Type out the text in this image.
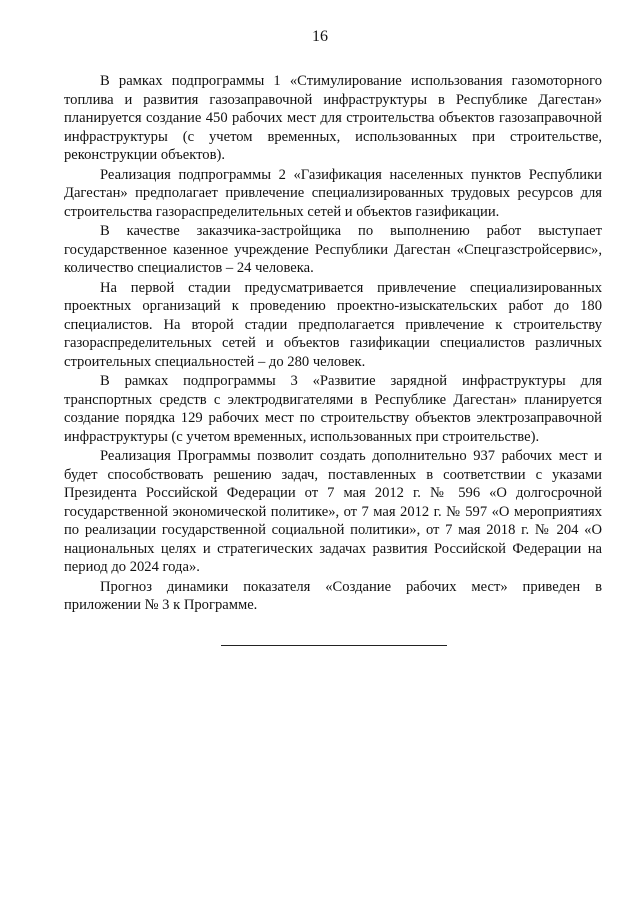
16

В рамках подпрограммы 1 «Стимулирование использования газомоторного топлива и развития газозаправочной инфраструктуры в Республике Дагестан» планируется создание 450 рабочих мест для строительства объектов газозаправочной инфраструктуры (с учетом временных, использованных при строительстве, реконструкции объектов).

Реализация подпрограммы 2 «Газификация населенных пунктов Республики Дагестан» предполагает привлечение специализированных трудовых ресурсов для строительства газораспределительных сетей и объектов газификации.

В качестве заказчика-застройщика по выполнению работ выступает государственное казенное учреждение Республики Дагестан «Спецгазстройсервис», количество специалистов – 24 человека.

На первой стадии предусматривается привлечение специализированных проектных организаций к проведению проектно-изыскательских работ до 180 специалистов. На второй стадии предполагается привлечение к строительству газораспределительных сетей и объектов газификации специалистов различных строительных специальностей – до 280 человек.

В рамках подпрограммы 3 «Развитие зарядной инфраструктуры для транспортных средств с электродвигателями в Республике Дагестан» планируется создание порядка 129 рабочих мест по строительству объектов электрозаправочной инфраструктуры (с учетом временных, использованных при строительстве).

Реализация Программы позволит создать дополнительно 937 рабочих мест и будет способствовать решению задач, поставленных в соответствии с указами Президента Российской Федерации от 7 мая 2012 г. № 596 «О долгосрочной государственной экономической политике», от 7 мая 2012 г. № 597 «О мероприятиях по реализации государственной социальной политики», от 7 мая 2018 г. № 204 «О национальных целях и стратегических задачах развития Российской Федерации на период до 2024 года».

Прогноз динамики показателя «Создание рабочих мест» приведен в приложении № 3 к Программе.
